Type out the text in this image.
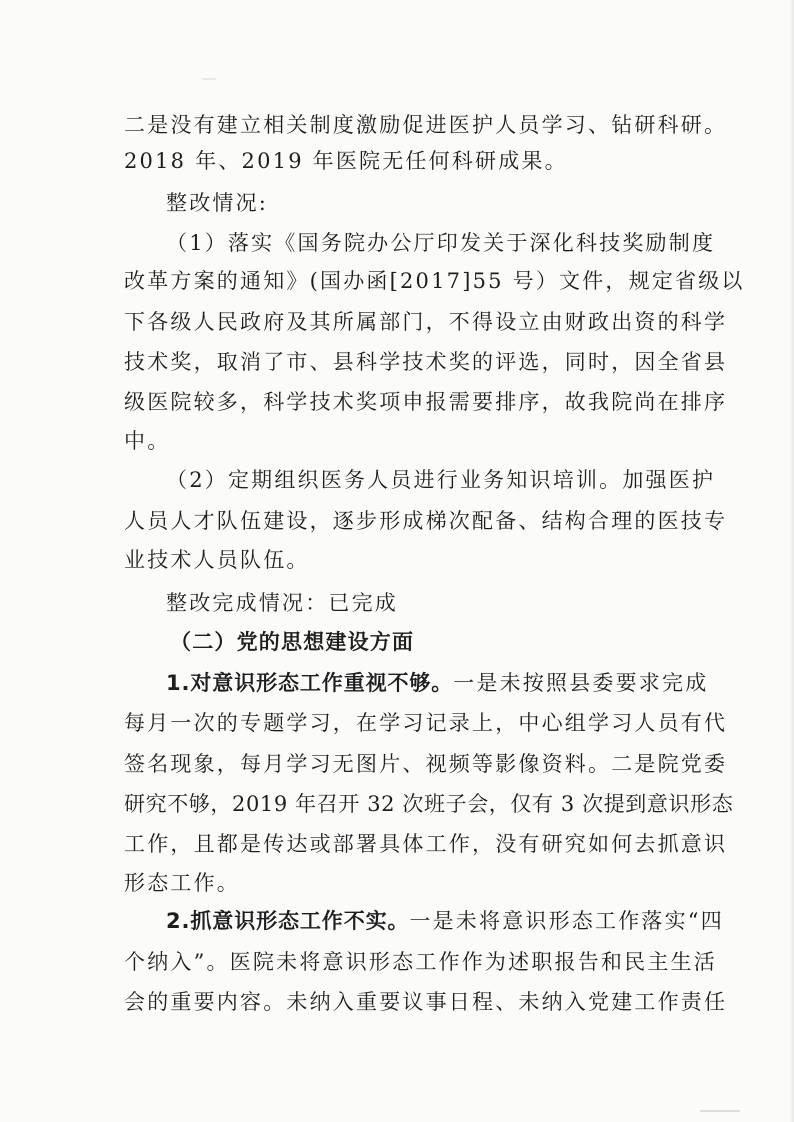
二是没有建立相关制度激励促进医护人员学习、钻研科研。
2018 年、2019 年医院无任何科研成果。
整改情况:
（1）落实《国务院办公厅印发关于深化科技奖励制度
改革方案的通知》(国办函[2017]55 号）文件，规定省级以
下各级人民政府及其所属部门，不得设立由财政出资的科学
技术奖，取消了市、县科学技术奖的评选，同时，因全省县
级医院较多，科学技术奖项申报需要排序，故我院尚在排序
中。
（2）定期组织医务人员进行业务知识培训。加强医护
人员人才队伍建设，逐步形成梯次配备、结构合理的医技专
业技术人员队伍。
整改完成情况：已完成
（二）党的思想建设方面
1.对意识形态工作重视不够。一是未按照县委要求完成
每月一次的专题学习，在学习记录上，中心组学习人员有代
签名现象，每月学习无图片、视频等影像资料。二是院党委
研究不够，2019 年召开 32 次班子会，仅有 3 次提到意识形态
工作，且都是传达或部署具体工作，没有研究如何去抓意识
形态工作。
2.抓意识形态工作不实。一是未将意识形态工作落实“四
个纳入”。医院未将意识形态工作作为述职报告和民主生活
会的重要内容。未纳入重要议事日程、未纳入党建工作责任
